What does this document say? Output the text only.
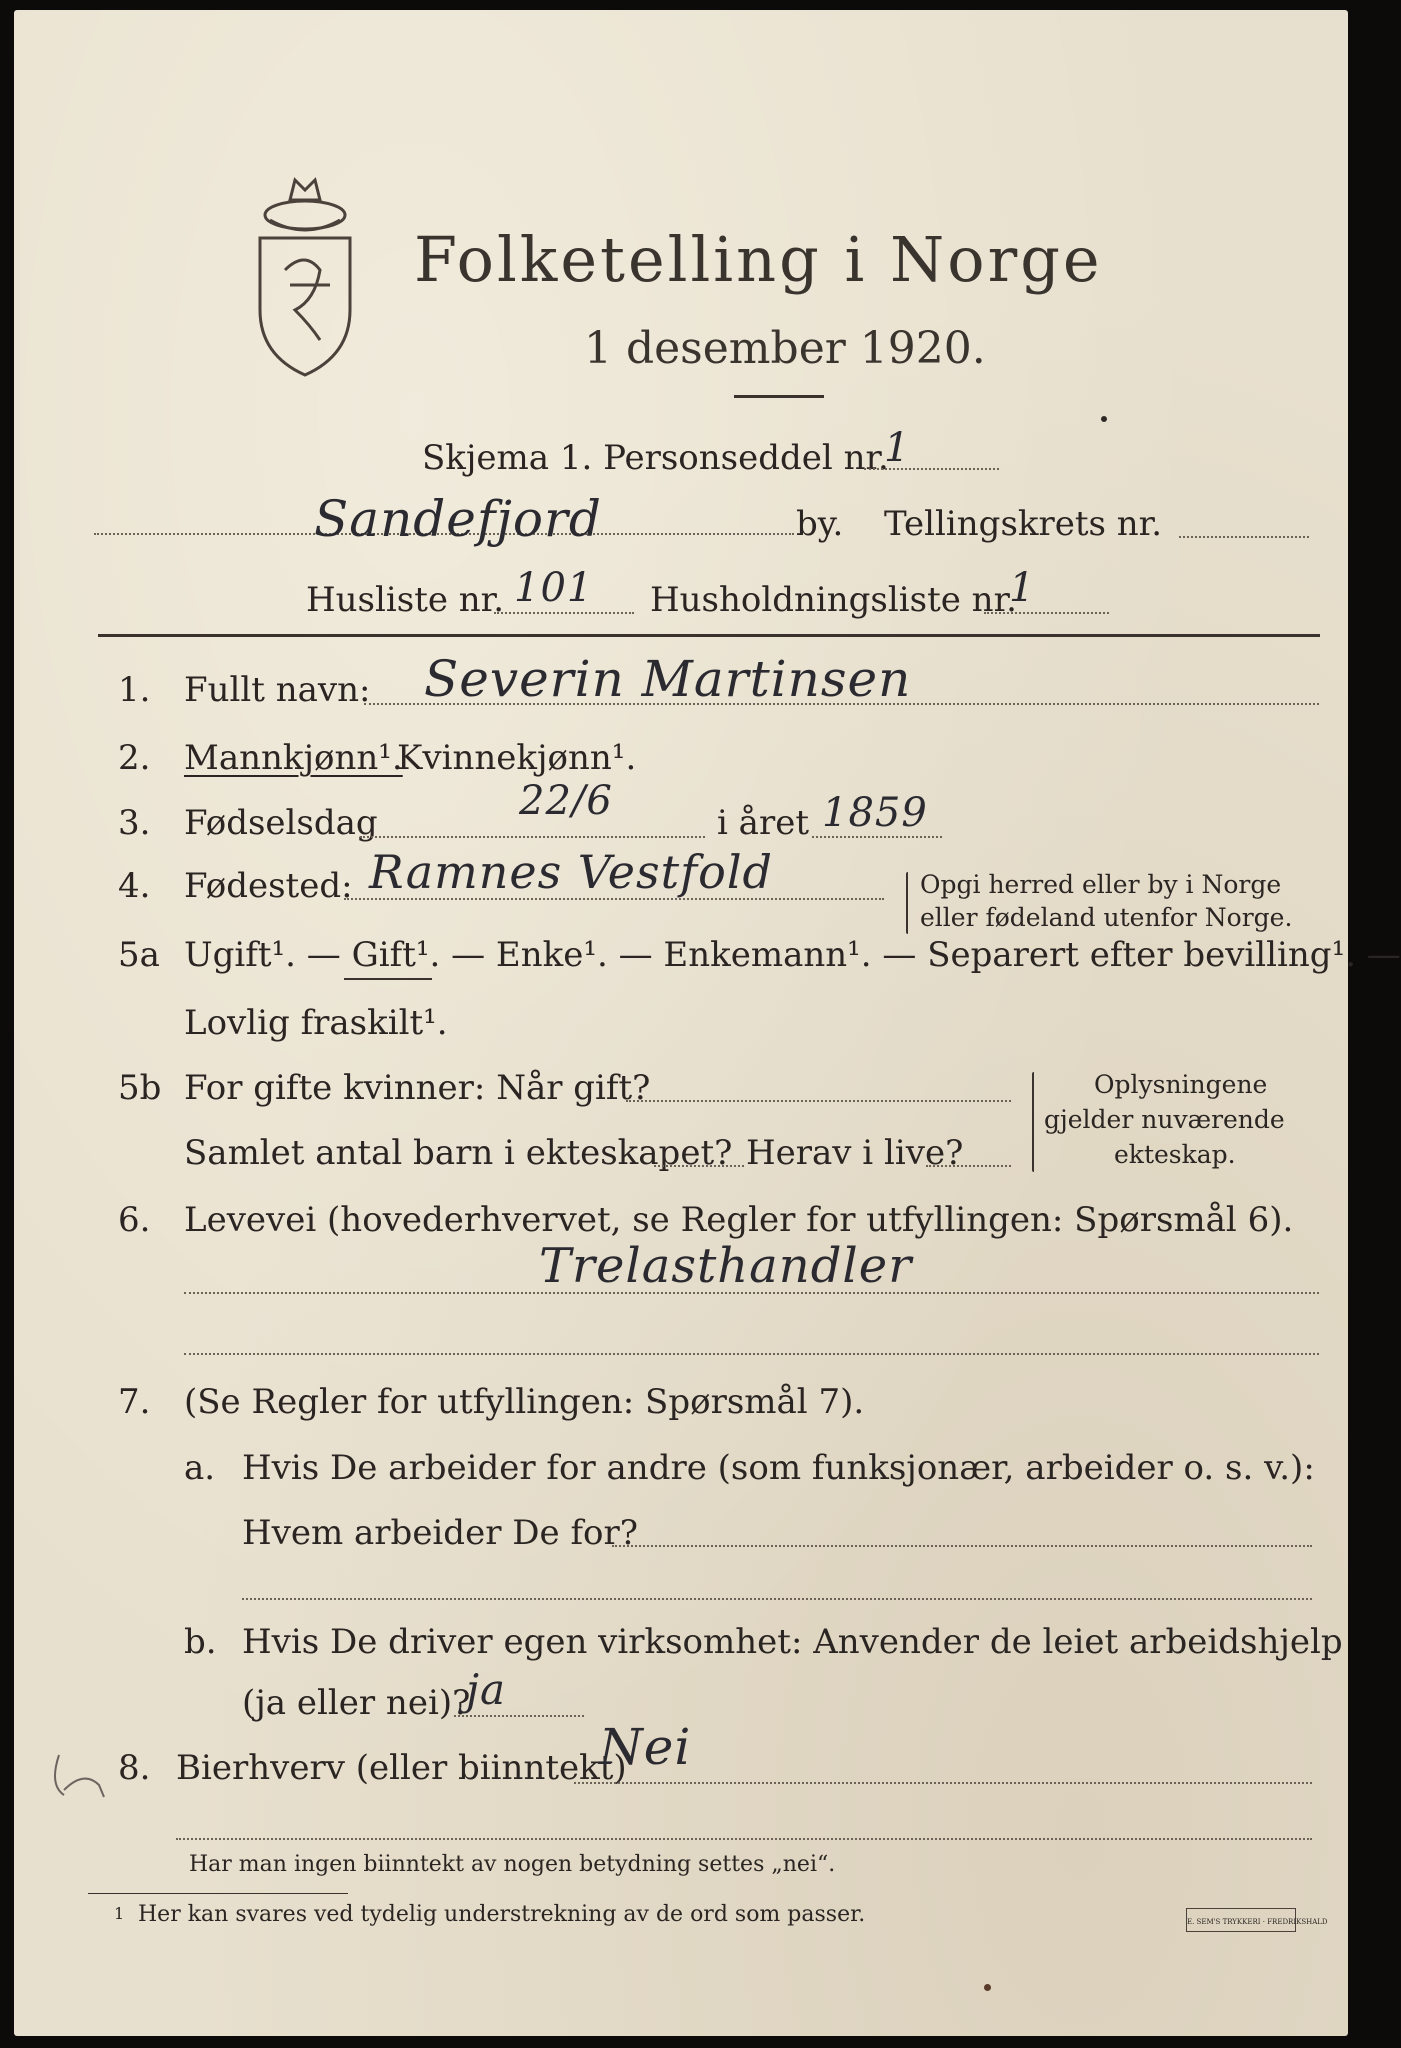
Folketelling i Norge
1 desember 1920.
Skjema 1. Personseddel nr.
1
Sandefjord	by. Tellingskrets nr.
Husliste nr. 101 Husholdningsliste nr.
1
1. Fullt navn: Severin Martinsen
2. Mannkjønn¹.
Kvinnekjønn¹.
3. Fødselsdag	22/6	i året 1859
4. Fødested: Ramnes Vestfold	Opgi herred eller by i Norge
eller fødeland utenfor Norge.
5a Ugift¹. — Gift¹. — Enke¹. — Enkemann¹. — Separert efter bevilling¹. —
Lovlig fraskilt¹.
5b For gifte kvinner: Når gift?
Samlet antal barn i ekteskapet? Herav i live?
Oplysningene
gjelder nuværende
ekteskap.
6. Levevei (hovederhvervet, se Regler for utfyllingen: Spørsmål 6).
Trelasthandler
7. (Se Regler for utfyllingen: Spørsmål 7).
a. Hvis De arbeider for andre (som funksjonær, arbeider o. s. v.):
Hvem arbeider De for?
b. Hvis De driver egen virksomhet: Anvender de leiet arbeidshjelp
(ja eller nei)?
ja
8. Bierhverv (eller biinntekt)
Nei
Har man ingen biinntekt av nogen betydning settes „nei“.
1 Her kan svares ved tydelig understrekning av de ord som passer.	E. SEM'S TRYKKERI · FREDRIKSHALD
